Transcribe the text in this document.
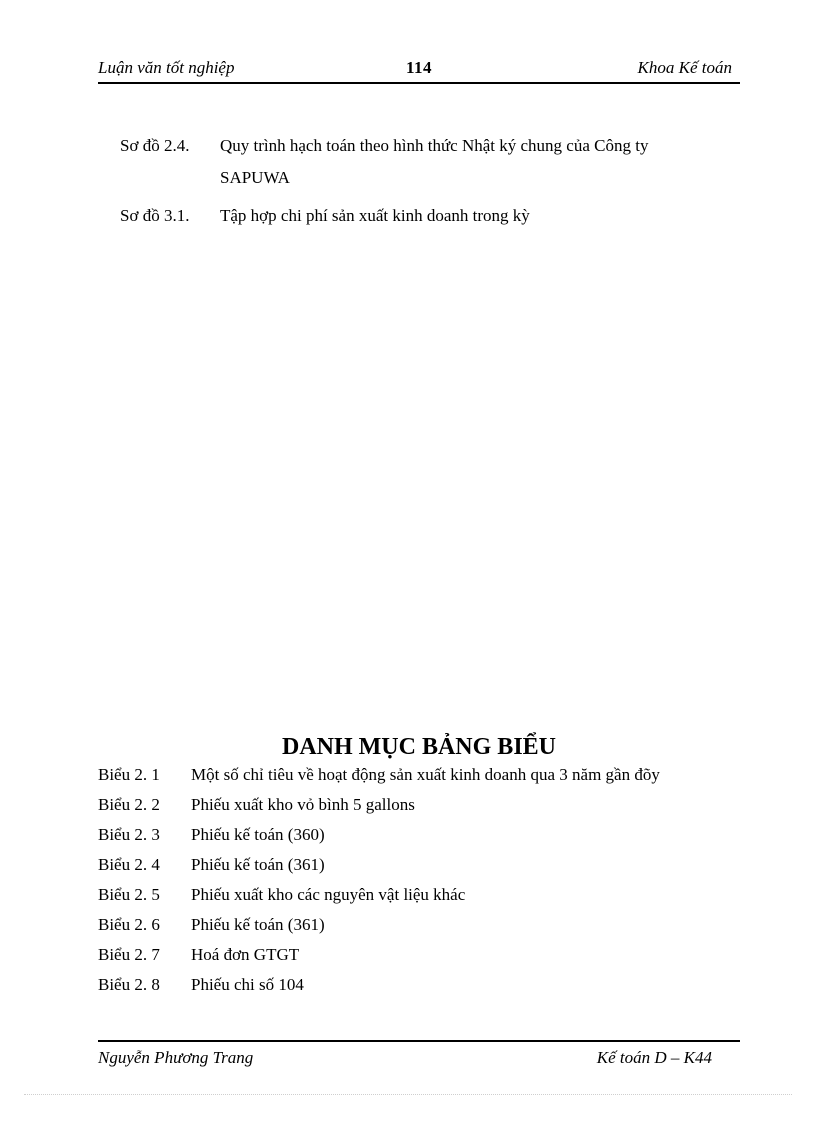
Luận văn tốt nghiệp	114	Khoa Kế toán
Sơ đồ 2.4.	Quy trình hạch toán theo hình thức Nhật ký chung của Công ty SAPUWA
Sơ đồ 3.1.	Tập hợp chi phí sản xuất kinh doanh trong kỳ
DANH MỤC BẢNG BIỂU
Biểu 2. 1	Một số chỉ tiêu về hoạt động sản xuất kinh doanh qua 3 năm gần đõy
Biểu 2. 2	Phiếu xuất kho vỏ bình 5 gallons
Biểu 2. 3	Phiếu kế toán (360)
Biểu 2. 4	Phiếu kế toán (361)
Biểu 2. 5	Phiếu xuất kho các nguyên vật liệu khác
Biểu 2. 6	Phiếu kế toán (361)
Biểu 2. 7	Hoá đơn GTGT
Biểu 2. 8	Phiếu chi số 104
Nguyễn Phương Trang	Kế toán D – K44
